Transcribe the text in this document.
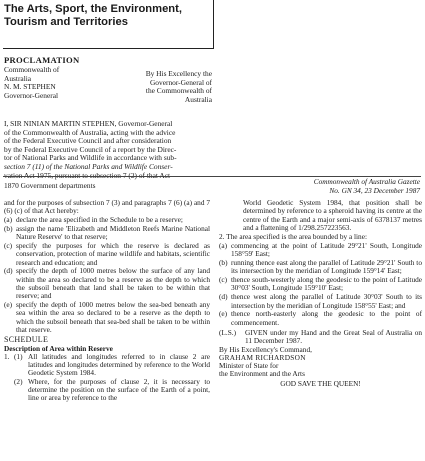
The Arts, Sport, the Environment, Tourism and Territories
PROCLAMATION

Commonwealth of

Australia

N. M. STEPHEN

Governor-General

By His Excellency the

Governor-General of

the Commonwealth of

Australia

I, SIR NINIAN MARTIN STEPHEN, Governor-General

of the Commonwealth of Australia, acting with the advice

of the Federal Executive Council and after consideration

by the Federal Executive Council of a report by the Direc-

tor of National Parks and Wildlife in accordance with sub-

section 7 (11) of the National Parks and Wildlife Conser-

1870 Government departments	Commonwealth of Australia Gazette

No. GN 34, 23 December 1987

and for the purposes of subsection 7 (3) and paragraphs 7 (6) (a) and 7 (6) (c) of that Act hereby:

(a) declare the area specified in the Schedule to be a reserve;
(b) assign the name 'Elizabeth and Middleton Reefs Marine National Nature Reserve' to that reserve;
(c) specify the purposes for which the reserve is declared as conservation, protection of marine wildlife and habitats, scientific research and education; and
(d) specify the depth of 1000 metres below the surface of any land within the area so declared to be a reserve as the depth to which the subsoil beneath that land shall be taken to be within that reserve; and
(e) specify the depth of 1000 metres below the sea-bed beneath any sea within the area so declared to be a reserve as the depth to which the subsoil beneath that sea-bed shall be taken to be within that reserve.

SCHEDULE

Description of Area within Reserve

1. (1) All latitudes and longitudes referred to in clause 2 are latitudes and longitudes determined by reference to the World Geodetic System 1984.
(2) Where, for the purposes of clause 2, it is necessary to determine the position on the surface of the Earth of a point, line or area by reference to the

World Geodetic System 1984, that position shall be determined by reference to a spheroid having its centre at the centre of the Earth and a major semi-axis of 6378137 metres and a flattening of 1/298.257223563.

2. The area specified is the area bounded by a line:

(a) commencing at the point of Latitude 29°21' South, Longitude 158°59' East;
(b) running thence east along the parallel of Latitude 29°21' South to its intersection by the meridian of Longitude 159°14' East;
(c) thence south-westerly along the geodesic to the point of Latitude 30°03' South, Longitude 159°10' East;
(d) thence west along the parallel of Latitude 30°03' South to its intersection by the meridian of Longitude 158°55' East; and
(e) thence north-easterly along the geodesic to the point of commencement.
(L.S.)	GIVEN under my Hand and the Great Seal of Australia on 11 December 1987.

By His Excellency's Command,

GRAHAM RICHARDSON

Minister of State for

the Environment and the Arts

GOD SAVE THE QUEEN!
